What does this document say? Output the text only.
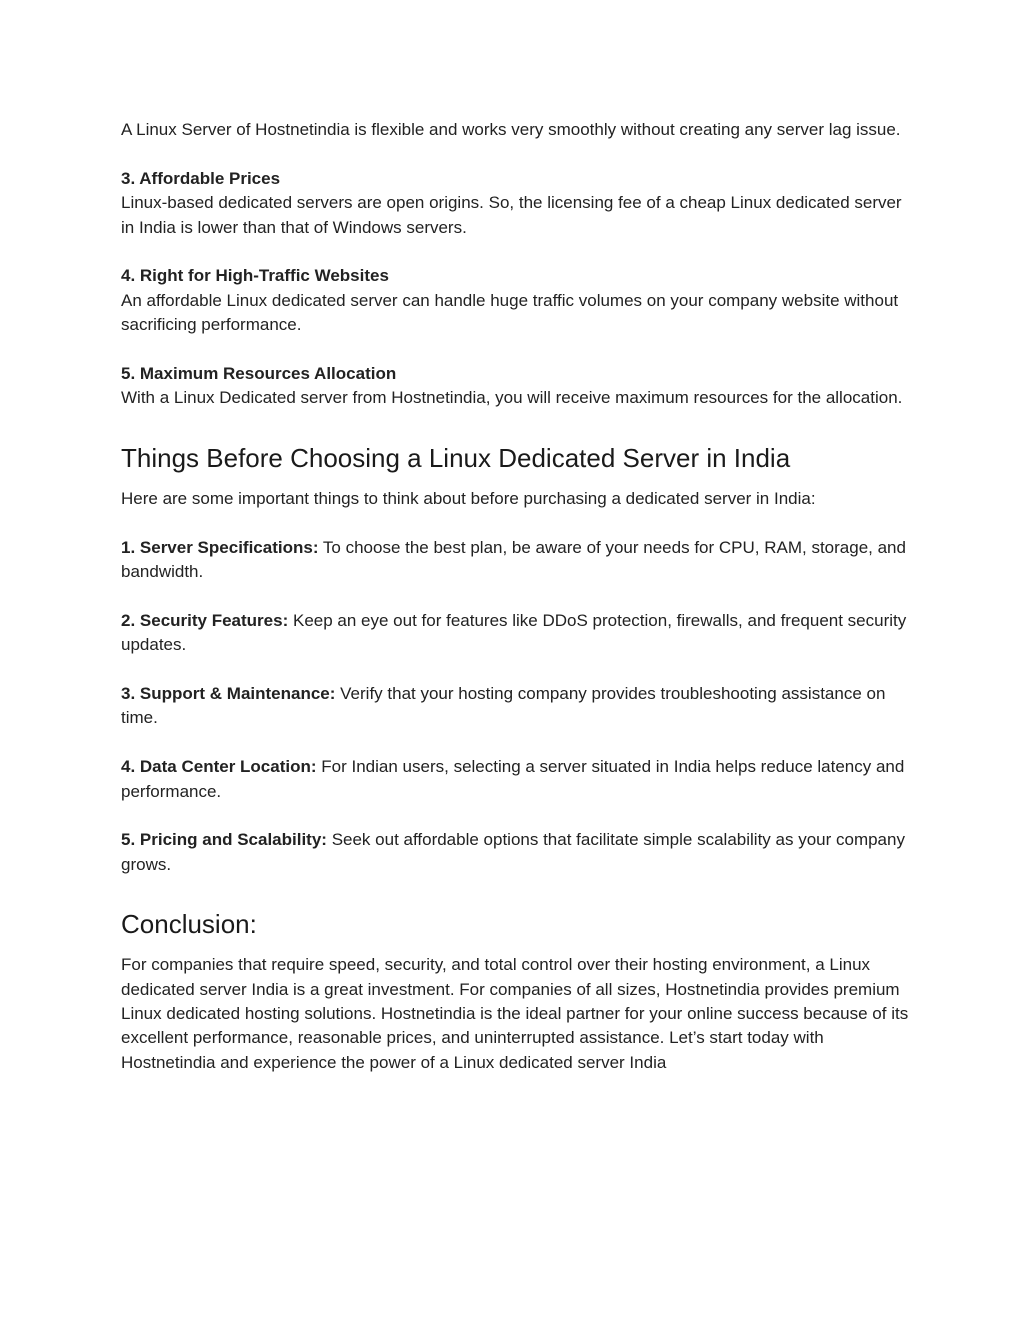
A Linux Server of Hostnetindia is flexible and works very smoothly without creating any server lag issue.

3. Affordable Prices

Linux-based dedicated servers are open origins. So, the licensing fee of a cheap Linux dedicated server in India is lower than that of Windows servers.

4. Right for High-Traffic Websites

An affordable Linux dedicated server can handle huge traffic volumes on your company website without sacrificing performance.

5. Maximum Resources Allocation

With a Linux Dedicated server from Hostnetindia, you will receive maximum resources for the allocation.

Things Before Choosing a Linux Dedicated Server in India

Here are some important things to think about before purchasing a dedicated server in India:

1. Server Specifications: To choose the best plan, be aware of your needs for CPU, RAM, storage, and bandwidth.

2. Security Features: Keep an eye out for features like DDoS protection, firewalls, and frequent security updates.

3. Support & Maintenance: Verify that your hosting company provides troubleshooting assistance on time.

4. Data Center Location: For Indian users, selecting a server situated in India helps reduce latency and performance.

5. Pricing and Scalability: Seek out affordable options that facilitate simple scalability as your company grows.

Conclusion:

For companies that require speed, security, and total control over their hosting environment, a Linux dedicated server India is a great investment. For companies of all sizes, Hostnetindia provides premium Linux dedicated hosting solutions. Hostnetindia is the ideal partner for your online success because of its excellent performance, reasonable prices, and uninterrupted assistance. Let’s start today with Hostnetindia and experience the power of a Linux dedicated server India
